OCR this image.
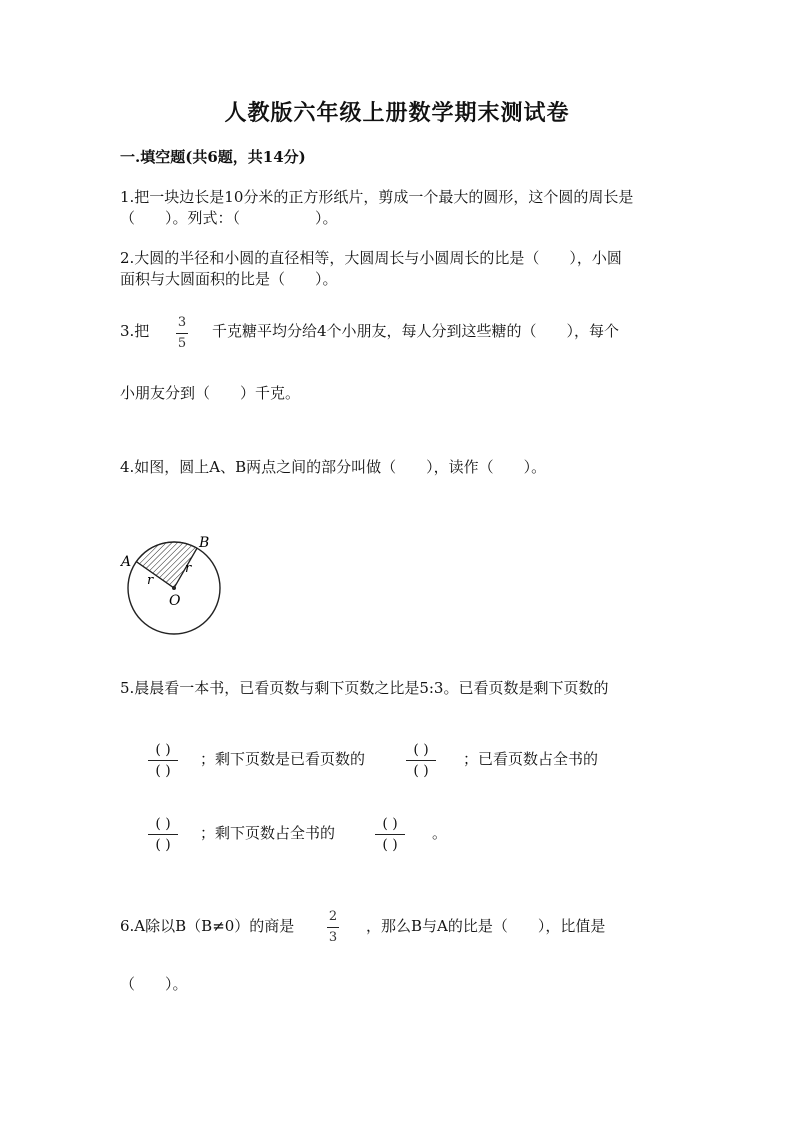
人教版六年级上册数学期末测试卷
一.填空题(共6题，共14分)
1.把一块边长是10分米的正方形纸片，剪成一个最大的圆形，这个圆的周长是
（　　）。列式：（　　　　　）。
2.大圆的半径和小圆的直径相等，大圆周长与小圆周长的比是（　　），小圆
面积与大圆面积的比是（　　）。
3.把 3
5
千克糖平均分给4个小朋友，每人分到这些糖的（　　），每个
小朋友分到（　　）千克。
4.如图，圆上A、B两点之间的部分叫做（　　），读作（　　）。
A
B
O
r
r
5.晨晨看一本书，已看页数与剩下页数之比是5:3。已看页数是剩下页数的
( )
( )
；剩下页数是已看页数的	( )
( )
；已看页数占全书的
( )
( )
；剩下页数占全书的	( )
( )
。
6.A除以B（B≠0）的商是
2
3
，那么B与A的比是（　　），比值是
（　　）。
